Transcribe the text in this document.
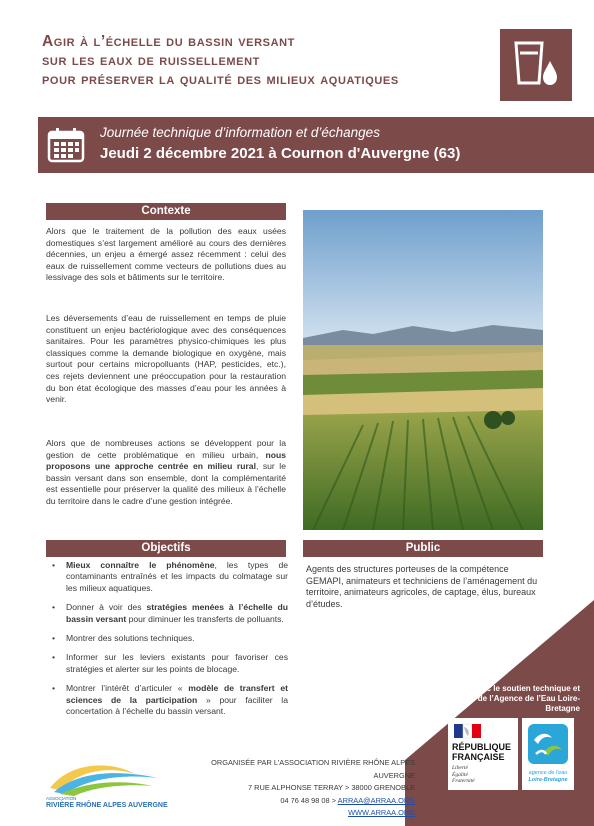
Agir à l’échelle du bassin versant
sur les eaux de ruissellement
pour préserver la qualité des milieux aquatiques
Journée technique d’information et d’échanges
Jeudi 2 décembre 2021 à Cournon d'Auvergne (63)
Contexte

Alors que le traitement de la pollution des eaux usées domestiques s’est largement amélioré au cours des dernières décennies, un enjeu a émergé assez récemment : celui des eaux de ruissellement comme vecteurs de pollutions dues au lessivage des sols et bâtiments sur le territoire.

Les déversements d’eau de ruissellement en temps de pluie constituent un enjeu bactériologique avec des conséquences sanitaires. Pour les paramètres physico-chimiques les plus classiques comme la demande biologique en oxygène, mais surtout pour certains micropolluants (HAP, pesticides, etc.), ces rejets deviennent une préoccupation pour la restauration du bon état écologique des masses d’eau pour les années à venir.

Alors que de nombreuses actions se développent pour la gestion de cette problématique en milieu urbain, nous proposons une approche centrée en milieu rural, sur le bassin versant dans son ensemble, dont la complémentarité est essentielle pour préserver la qualité des milieux à l’échelle du territoire dans le cadre d’une gestion intégrée.

Objectifs
• Mieux connaître le phénomène, les types de contaminants entraînés et les impacts du colmatage sur les milieux aquatiques.
• Donner à voir des stratégies menées à l’échelle du bassin versant pour diminuer les transferts de polluants.
• Montrer des solutions techniques.
• Informer sur les leviers existants pour favoriser ces stratégies et alerter sur les points de blocage.
• Montrer l’intérêt d’articuler « modèle de transfert et sciences de la participation » pour faciliter la concertation à l’échelle du bassin versant.
Public

Agents des structures porteuses de la compétence GEMAPI, animateurs et techniciens de l’aménagement du territoire, animateurs agricoles, de captage, élus, bureaux d’études.

Organisée avec le soutien technique et financier de l’Agence de l’Eau Loire-Bretagne

RÉPUBLIQUE
FRANÇAISE
Liberté
Égalité
Fraternité
agence de l'eau
Loire-Bretagne
ASSOCIATION
RIVIÈRE RHÔNE ALPES AUVERGNE
ORGANISÉE PAR L’ASSOCIATION RIVIÈRE RHÔNE ALPES AUVERGNE
7 RUE ALPHONSE TERRAY > 38000 GRENOBLE
04 76 48 98 08 > ARRAA@ARRAA.ORG
WWW.ARRAA.ORG
